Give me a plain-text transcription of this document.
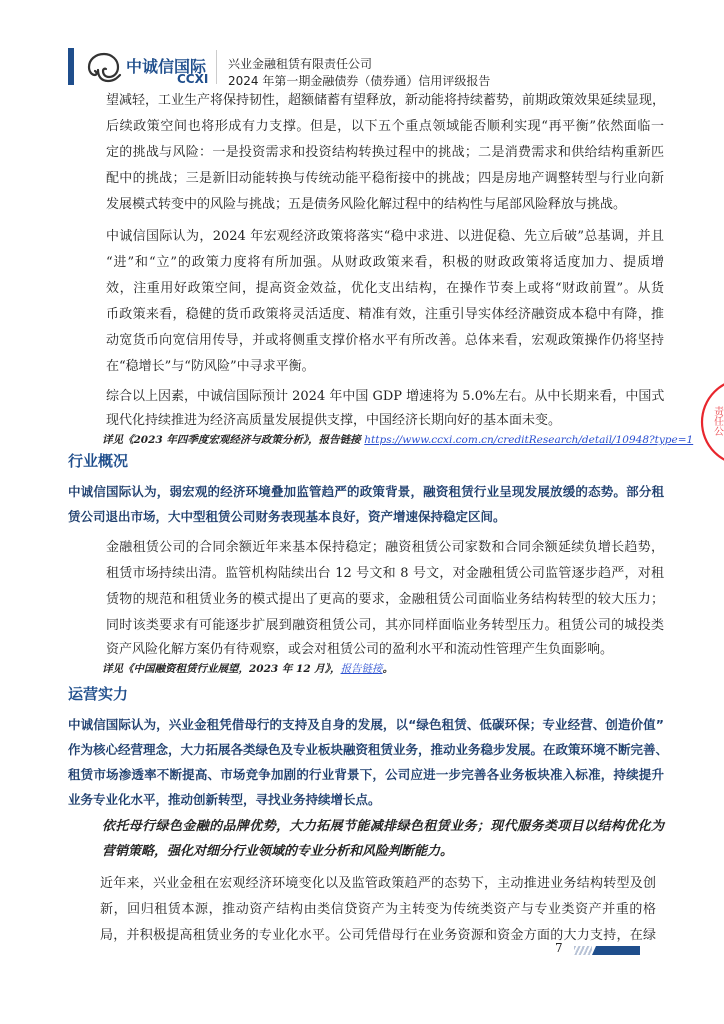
中诚信国际
CCXI
兴业金融租赁有限责任公司
2024 年第一期金融债券（债券通）信用评级报告
望减轻，工业生产将保持韧性，超额储蓄有望释放，新动能将持续蓄势，前期政策效果延续显现，
后续政策空间也将形成有力支撑。但是，以下五个重点领域能否顺利实现“再平衡”依然面临一
定的挑战与风险：一是投资需求和投资结构转换过程中的挑战；二是消费需求和供给结构重新匹
配中的挑战；三是新旧动能转换与传统动能平稳衔接中的挑战；四是房地产调整转型与行业向新
发展模式转变中的风险与挑战；五是债务风险化解过程中的结构性与尾部风险释放与挑战。
中诚信国际认为，2024 年宏观经济政策将落实“稳中求进、以进促稳、先立后破”总基调，并且
“进”和“立”的政策力度将有所加强。从财政政策来看，积极的财政政策将适度加力、提质增
效，注重用好政策空间，提高资金效益，优化支出结构，在操作节奏上或将“财政前置”。从货
币政策来看，稳健的货币政策将灵活适度、精准有效，注重引导实体经济融资成本稳中有降，推
动宽货币向宽信用传导，并或将侧重支撑价格水平有所改善。总体来看，宏观政策操作仍将坚持
在“稳增长”与“防风险”中寻求平衡。
综合以上因素，中诚信国际预计 2024 年中国 GDP 增速将为 5.0%左右。从中长期来看，中国式
现代化持续推进为经济高质量发展提供支撑，中国经济长期向好的基本面未变。
详见《2023 年四季度宏观经济与政策分析》，报告链接 https://www.ccxi.com.cn/creditResearch/detail/10948?type=1
行业概况
中诚信国际认为，弱宏观的经济环境叠加监管趋严的政策背景，融资租赁行业呈现发展放缓的态势。部分租
赁公司退出市场，大中型租赁公司财务表现基本良好，资产增速保持稳定区间。
金融租赁公司的合同余额近年来基本保持稳定；融资租赁公司家数和合同余额延续负增长趋势，
租赁市场持续出清。监管机构陆续出台 12 号文和 8 号文，对金融租赁公司监管逐步趋严，对租
赁物的规范和租赁业务的模式提出了更高的要求，金融租赁公司面临业务结构转型的较大压力；
同时该类要求有可能逐步扩展到融资租赁公司，其亦同样面临业务转型压力。租赁公司的城投类
资产风险化解方案仍有待观察，或会对租赁公司的盈利水平和流动性管理产生负面影响。
详见《中国融资租赁行业展望，2023 年 12 月》，报告链接。
运营实力
中诚信国际认为，兴业金租凭借母行的支持及自身的发展，以“绿色租赁、低碳环保；专业经营、创造价值”
作为核心经营理念，大力拓展各类绿色及专业板块融资租赁业务，推动业务稳步发展。在政策环境不断完善、
租赁市场渗透率不断提高、市场竞争加剧的行业背景下，公司应进一步完善各业务板块准入标准，持续提升
业务专业化水平，推动创新转型，寻找业务持续增长点。
依托母行绿色金融的品牌优势，大力拓展节能减排绿色租赁业务；现代服务类项目以结构优化为
营销策略，强化对细分行业领域的专业分析和风险判断能力。
近年来，兴业金租在宏观经济环境变化以及监管政策趋严的态势下，主动推进业务结构转型及创
新，回归租赁本源，推动资产结构由类信贷资产为主转变为传统类资产与专业类资产并重的格
局，并积极提高租赁业务的专业化水平。公司凭借母行在业务资源和资金方面的大力支持，在绿
责任公
7
